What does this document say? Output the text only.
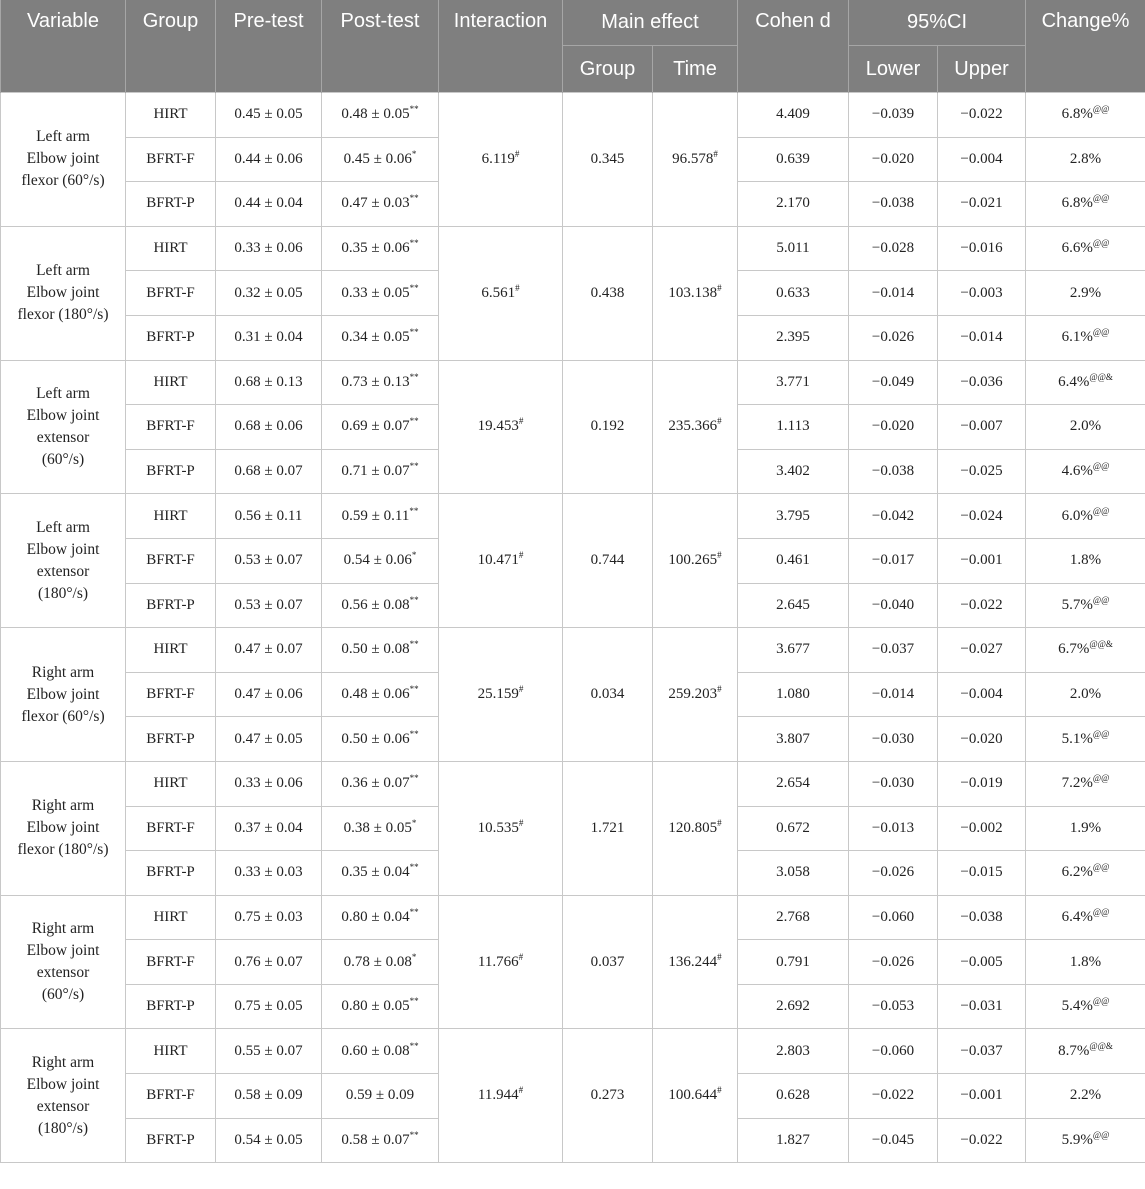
Variable	Group	Pre-test	Post-test	Interaction	Main effect		Cohen d	95%CI		Change%
					Group	Time		Lower	Upper	

Left arm
Elbow joint
flexor (60°/s)	HIRT	0.45 ± 0.05	0.48 ± 0.05**	6.119#	0.345	96.578#	4.409	−0.039	−0.022	6.8%@@
	BFRT-F	0.44 ± 0.06	0.45 ± 0.06*				0.639	−0.020	−0.004	2.8%
	BFRT-P	0.44 ± 0.04	0.47 ± 0.03**				2.170	−0.038	−0.021	6.8%@@

Left arm
Elbow joint
flexor (180°/s)	HIRT	0.33 ± 0.06	0.35 ± 0.06**	6.561#	0.438	103.138#	5.011	−0.028	−0.016	6.6%@@
	BFRT-F	0.32 ± 0.05	0.33 ± 0.05**				0.633	−0.014	−0.003	2.9%
	BFRT-P	0.31 ± 0.04	0.34 ± 0.05**				2.395	−0.026	−0.014	6.1%@@

Left arm
Elbow joint
extensor
(60°/s)	HIRT	0.68 ± 0.13	0.73 ± 0.13**	19.453#	0.192	235.366#	3.771	−0.049	−0.036	6.4%@@&
	BFRT-F	0.68 ± 0.06	0.69 ± 0.07**				1.113	−0.020	−0.007	2.0%
	BFRT-P	0.68 ± 0.07	0.71 ± 0.07**				3.402	−0.038	−0.025	4.6%@@

Left arm
Elbow joint
extensor
(180°/s)	HIRT	0.56 ± 0.11	0.59 ± 0.11**	10.471#	0.744	100.265#	3.795	−0.042	−0.024	6.0%@@
	BFRT-F	0.53 ± 0.07	0.54 ± 0.06*				0.461	−0.017	−0.001	1.8%
	BFRT-P	0.53 ± 0.07	0.56 ± 0.08**				2.645	−0.040	−0.022	5.7%@@

Right arm
Elbow joint
flexor (60°/s)	HIRT	0.47 ± 0.07	0.50 ± 0.08**	25.159#	0.034	259.203#	3.677	−0.037	−0.027	6.7%@@&
	BFRT-F	0.47 ± 0.06	0.48 ± 0.06**				1.080	−0.014	−0.004	2.0%
	BFRT-P	0.47 ± 0.05	0.50 ± 0.06**				3.807	−0.030	−0.020	5.1%@@

Right arm
Elbow joint
flexor (180°/s)	HIRT	0.33 ± 0.06	0.36 ± 0.07**	10.535#	1.721	120.805#	2.654	−0.030	−0.019	7.2%@@
	BFRT-F	0.37 ± 0.04	0.38 ± 0.05*				0.672	−0.013	−0.002	1.9%
	BFRT-P	0.33 ± 0.03	0.35 ± 0.04**				3.058	−0.026	−0.015	6.2%@@

Right arm
Elbow joint
extensor
(60°/s)	HIRT	0.75 ± 0.03	0.80 ± 0.04**	11.766#	0.037	136.244#	2.768	−0.060	−0.038	6.4%@@
	BFRT-F	0.76 ± 0.07	0.78 ± 0.08*				0.791	−0.026	−0.005	1.8%
	BFRT-P	0.75 ± 0.05	0.80 ± 0.05**				2.692	−0.053	−0.031	5.4%@@

Right arm
Elbow joint
extensor
(180°/s)	HIRT	0.55 ± 0.07	0.60 ± 0.08**	11.944#	0.273	100.644#	2.803	−0.060	−0.037	8.7%@@&
	BFRT-F	0.58 ± 0.09	0.59 ± 0.09				0.628	−0.022	−0.001	2.2%
	BFRT-P	0.54 ± 0.05	0.58 ± 0.07**				1.827	−0.045	−0.022	5.9%@@
